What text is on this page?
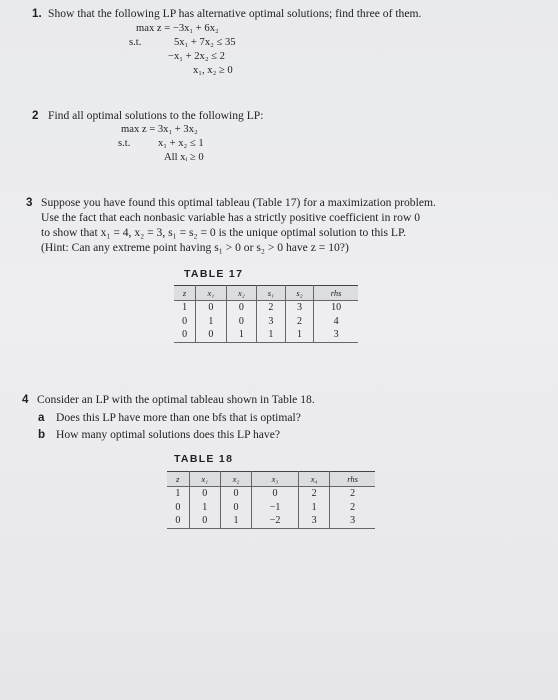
1. Show that the following LP has alternative optimal solutions; find three of them.
max z = −3x₁ + 6x₂
s.t.	5x₁ + 7x₂ ≤ 35
−x₁ + 2x₂ ≤ 2
x₁, x₂ ≥ 0
2 Find all optimal solutions to the following LP:
max z = 3x₁ + 3x₂
s.t.	x₁ + x₂ ≤ 1
All xᵢ ≥ 0
3 Suppose you have found this optimal tableau (Table 17) for a maximization problem.
Use the fact that each nonbasic variable has a strictly positive coefficient in row 0
to show that x₁ = 4, x₂ = 3, s₁ = s₂ = 0 is the unique optimal solution to this LP.
(Hint: Can any extreme point having s₁ > 0 or s₂ > 0 have z = 10?)
TABLE 17
z	x₁	x₂	s₁	s₂	rhs
1	0	0	2	3	10
0	1	0	3	2	4
0	0	1	1	1	3
4 Consider an LP with the optimal tableau shown in Table 18.
a Does this LP have more than one bfs that is optimal?
b How many optimal solutions does this LP have?
TABLE 18
z	x₁	x₂	x₃	x₄	rhs
1	0	0	0	2	2
0	1	0	−1	1	2
0	0	1	−2	3	3
